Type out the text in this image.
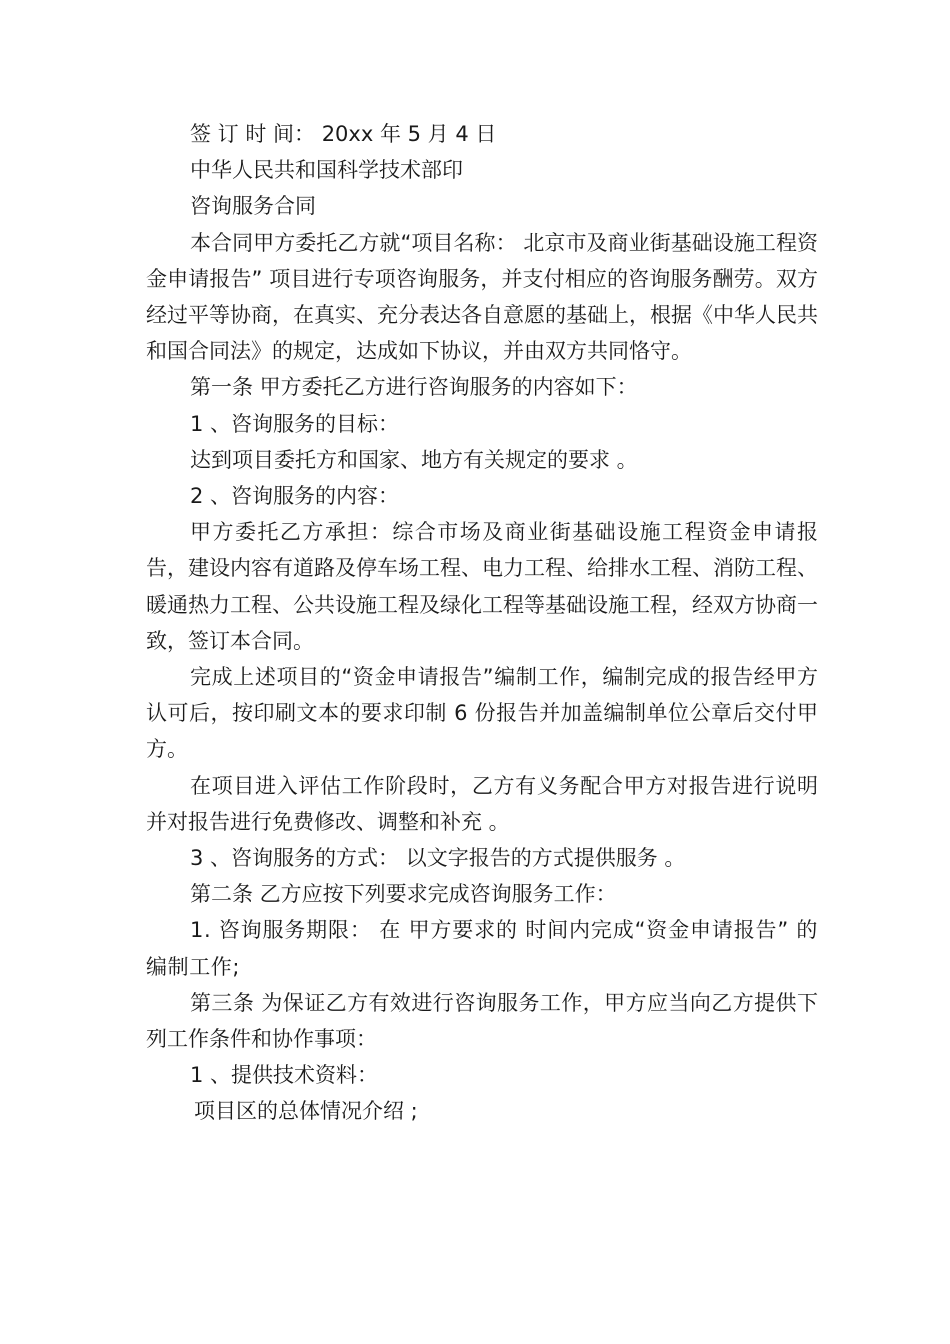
签 订 时 间： 20xx 年 5 月 4 日

中华人民共和国科学技术部印

咨询服务合同

本合同甲方委托乙方就“项目名称： 北京市及商业街基础设施工程资金申请报告” 项目进行专项咨询服务，并支付相应的咨询服务酬劳。双方经过平等协商，在真实、充分表达各自意愿的基础上，根据《中华人民共和国合同法》的规定，达成如下协议，并由双方共同恪守。

第一条 甲方委托乙方进行咨询服务的内容如下：

1 、咨询服务的目标：

达到项目委托方和国家、地方有关规定的要求 。

2 、咨询服务的内容：

甲方委托乙方承担：综合市场及商业街基础设施工程资金申请报告，建设内容有道路及停车场工程、电力工程、给排水工程、消防工程、暖通热力工程、公共设施工程及绿化工程等基础设施工程，经双方协商一致，签订本合同。

完成上述项目的“资金申请报告”编制工作，编制完成的报告经甲方认可后，按印刷文本的要求印制 6 份报告并加盖编制单位公章后交付甲方。

在项目进入评估工作阶段时，乙方有义务配合甲方对报告进行说明并对报告进行免费修改、调整和补充 。

3 、咨询服务的方式： 以文字报告的方式提供服务 。

第二条 乙方应按下列要求完成咨询服务工作：

1. 咨询服务期限： 在 甲方要求的 时间内完成“资金申请报告” 的编制工作;

第三条 为保证乙方有效进行咨询服务工作，甲方应当向乙方提供下列工作条件和协作事项：

1 、提供技术资料：

项目区的总体情况介绍 ;
